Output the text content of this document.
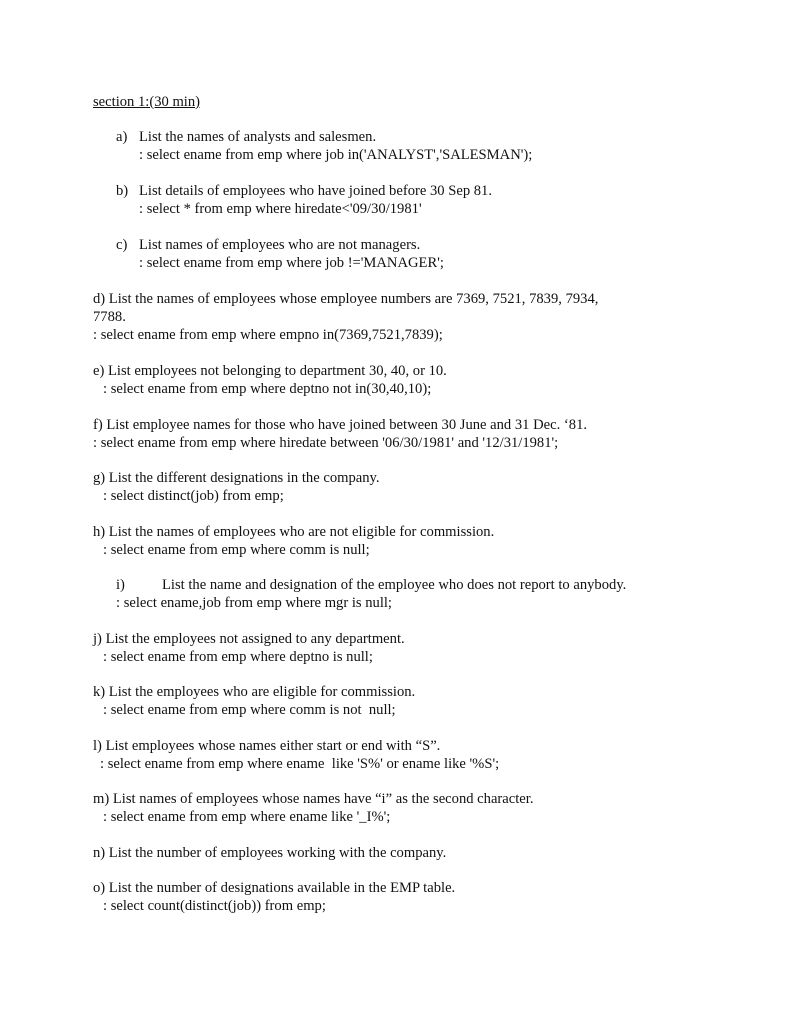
section 1:(30 min)

a) List the names of analysts and salesmen.

: select ename from emp where job in('ANALYST','SALESMAN');

b) List details of employees who have joined before 30 Sep 81.

: select * from emp where hiredate<'09/30/1981'

c) List names of employees who are not managers.

: select ename from emp where job !='MANAGER';

d) List the names of employees whose employee numbers are 7369, 7521, 7839, 7934,

7788.

: select ename from emp where empno in(7369,7521,7839);

e) List employees not belonging to department 30, 40, or 10.

: select ename from emp where deptno not in(30,40,10);

f) List employee names for those who have joined between 30 June and 31 Dec. ‘81.

: select ename from emp where hiredate between '06/30/1981' and '12/31/1981';

g) List the different designations in the company.

: select distinct(job) from emp;

h) List the names of employees who are not eligible for commission.

: select ename from emp where comm is null;

i)	List the name and designation of the employee who does not report to anybody.

: select ename,job from emp where mgr is null;

j) List the employees not assigned to any department.

: select ename from emp where deptno is null;

k) List the employees who are eligible for commission.

: select ename from emp where comm is not  null;

l) List employees whose names either start or end with “S”.

: select ename from emp where ename  like 'S%' or ename like '%S';

m) List names of employees whose names have “i” as the second character.

: select ename from emp where ename like '_I%';

n) List the number of employees working with the company.

o) List the number of designations available in the EMP table.

: select count(distinct(job)) from emp;
